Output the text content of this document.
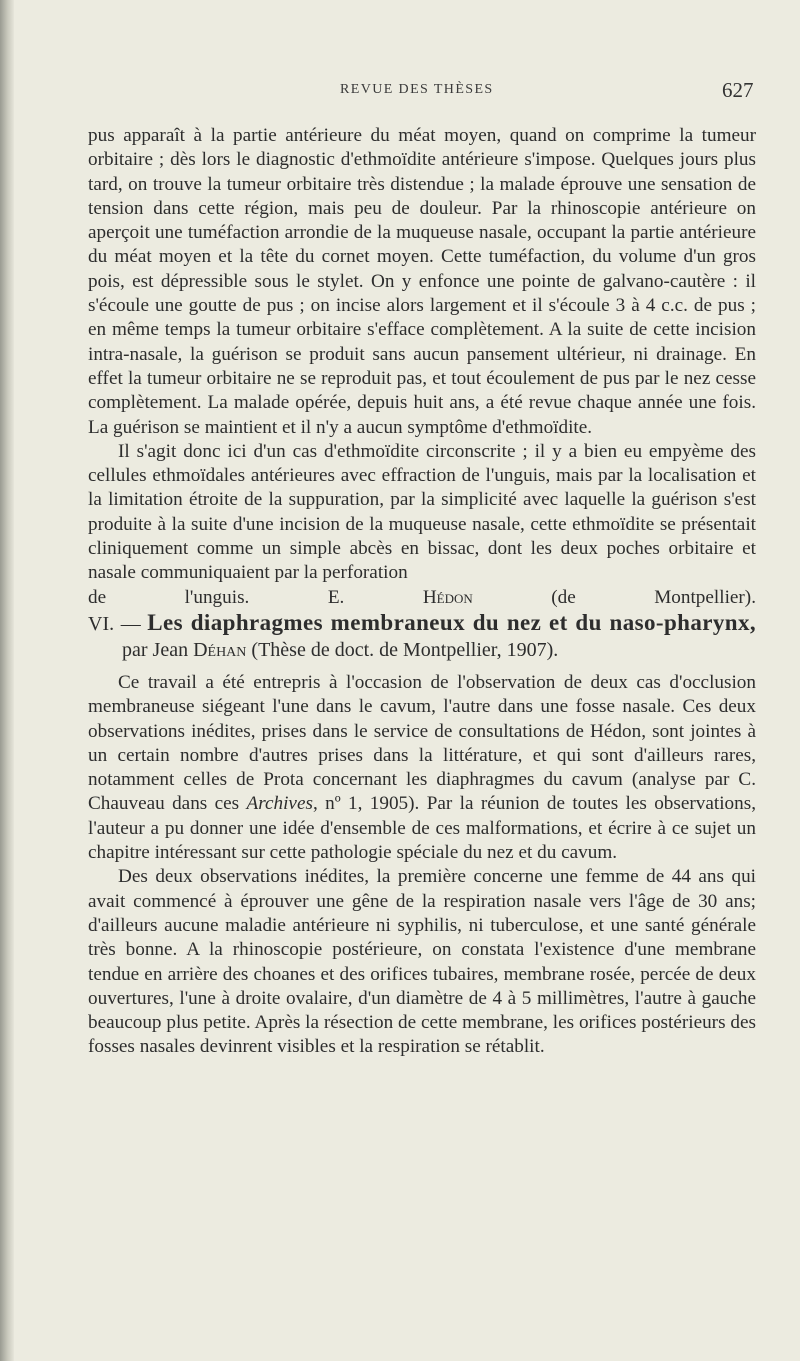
REVUE DES THÈSES	627

pus apparaît à la partie antérieure du méat moyen, quand on comprime la tumeur orbitaire ; dès lors le diagnostic d'ethmoïdite antérieure s'impose. Quelques jours plus tard, on trouve la tumeur orbitaire très distendue ; la malade éprouve une sensation de tension dans cette région, mais peu de douleur. Par la rhinoscopie antérieure on aperçoit une tuméfaction arrondie de la muqueuse nasale, occupant la partie antérieure du méat moyen et la tête du cornet moyen. Cette tuméfaction, du volume d'un gros pois, est dépressible sous le stylet. On y enfonce une pointe de galvano-cautère : il s'écoule une goutte de pus ; on incise alors largement et il s'écoule 3 à 4 c.c. de pus ; en même temps la tumeur orbitaire s'efface complètement. A la suite de cette incision intra-nasale, la guérison se produit sans aucun pansement ultérieur, ni drainage. En effet la tumeur orbitaire ne se reproduit pas, et tout écoulement de pus par le nez cesse complètement. La malade opérée, depuis huit ans, a été revue chaque année une fois. La guérison se maintient et il n'y a aucun symptôme d'ethmoïdite.

Il s'agit donc ici d'un cas d'ethmoïdite circonscrite ; il y a bien eu empyème des cellules ethmoïdales antérieures avec effraction de l'unguis, mais par la localisation et la limitation étroite de la suppuration, par la simplicité avec laquelle la guérison s'est produite à la suite d'une incision de la muqueuse nasale, cette ethmoïdite se présentait cliniquement comme un simple abcès en bissac, dont les deux poches orbitaire et nasale communiquaient par la perforation

de l'unguis.	E.	Hédon	(de Montpellier).

VI. — Les diaphragmes membraneux du nez et du naso-pharynx, par Jean Déhan (Thèse de doct. de Montpellier, 1907).

Ce travail a été entrepris à l'occasion de l'observation de deux cas d'occlusion membraneuse siégeant l'une dans le cavum, l'autre dans une fosse nasale. Ces deux observations inédites, prises dans le service de consultations de Hédon, sont jointes à un certain nombre d'autres prises dans la littérature, et qui sont d'ailleurs rares, notamment celles de Prota concernant les diaphragmes du cavum (analyse par C. Chauveau dans ces Archives, nº 1, 1905). Par la réunion de toutes les observations, l'auteur a pu donner une idée d'ensemble de ces malformations, et écrire à ce sujet un chapitre intéressant sur cette pathologie spéciale du nez et du cavum.

Des deux observations inédites, la première concerne une femme de 44 ans qui avait commencé à éprouver une gêne de la respiration nasale vers l'âge de 30 ans; d'ailleurs aucune maladie antérieure ni syphilis, ni tuberculose, et une santé générale très bonne. A la rhinoscopie postérieure, on constata l'existence d'une membrane tendue en arrière des choanes et des orifices tubaires, membrane rosée, percée de deux ouvertures, l'une à droite ovalaire, d'un diamètre de 4 à 5 millimètres, l'autre à gauche beaucoup plus petite. Après la résection de cette membrane, les orifices postérieurs des fosses nasales devinrent visibles et la respiration se rétablit.
